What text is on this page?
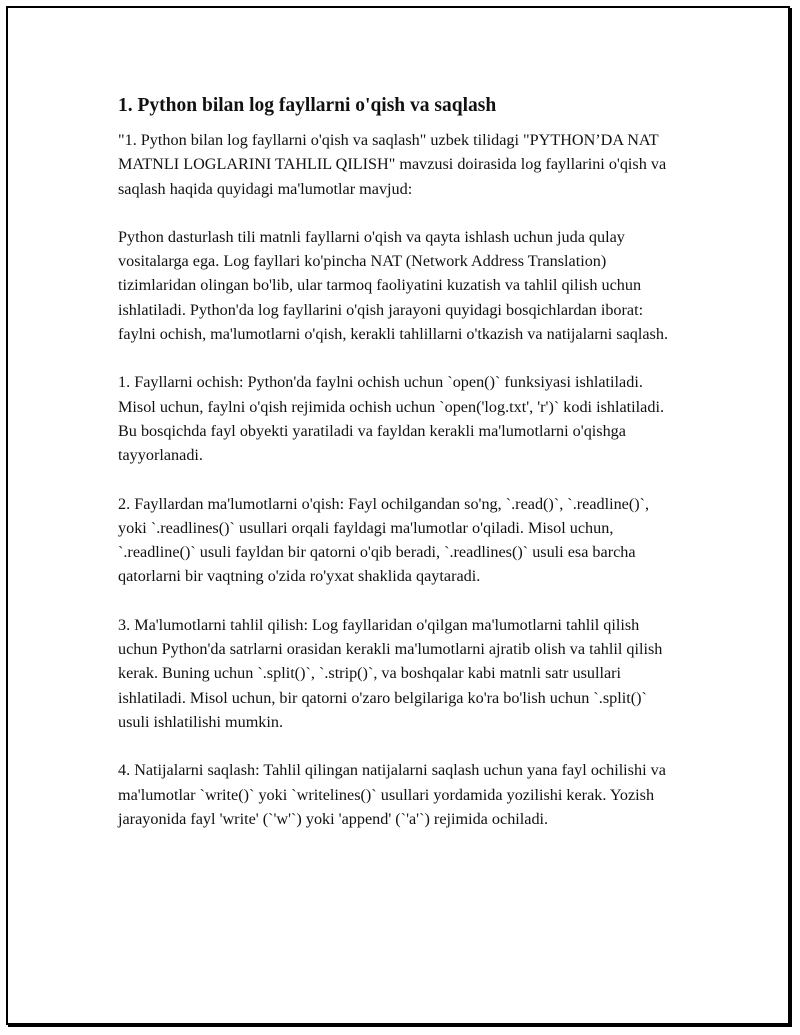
1. Python bilan log fayllarni o'qish va saqlash

"1. Python bilan log fayllarni o'qish va saqlash" uzbek tilidagi "PYTHON’DA NAT MATNLI LOGLARINI TAHLIL QILISH" mavzusi doirasida log fayllarini o'qish va saqlash haqida quyidagi ma'lumotlar mavjud:

Python dasturlash tili matnli fayllarni o'qish va qayta ishlash uchun juda qulay vositalarga ega. Log fayllari ko'pincha NAT (Network Address Translation) tizimlaridan olingan bo'lib, ular tarmoq faoliyatini kuzatish va tahlil qilish uchun ishlatiladi. Python'da log fayllarini o'qish jarayoni quyidagi bosqichlardan iborat: faylni ochish, ma'lumotlarni o'qish, kerakli tahlillarni o'tkazish va natijalarni saqlash.

1. Fayllarni ochish: Python'da faylni ochish uchun `open()` funksiyasi ishlatiladi. Misol uchun, faylni o'qish rejimida ochish uchun `open('log.txt', 'r')` kodi ishlatiladi. Bu bosqichda fayl obyekti yaratiladi va fayldan kerakli ma'lumotlarni o'qishga tayyorlanadi.

2. Fayllardan ma'lumotlarni o'qish: Fayl ochilgandan so'ng, `.read()`, `.readline()`, yoki `.readlines()` usullari orqali fayldagi ma'lumotlar o'qiladi. Misol uchun, `.readline()` usuli fayldan bir qatorni o'qib beradi, `.readlines()` usuli esa barcha qatorlarni bir vaqtning o'zida ro'yxat shaklida qaytaradi.

3. Ma'lumotlarni tahlil qilish: Log fayllaridan o'qilgan ma'lumotlarni tahlil qilish uchun Python'da satrlarni orasidan kerakli ma'lumotlarni ajratib olish va tahlil qilish kerak. Buning uchun `.split()`, `.strip()`, va boshqalar kabi matnli satr usullari ishlatiladi. Misol uchun, bir qatorni o'zaro belgilariga ko'ra bo'lish uchun `.split()` usuli ishlatilishi mumkin.

4. Natijalarni saqlash: Tahlil qilingan natijalarni saqlash uchun yana fayl ochilishi va ma'lumotlar `write()` yoki `writelines()` usullari yordamida yozilishi kerak. Yozish jarayonida fayl 'write' (`'w'`) yoki 'append' (`'a'`) rejimida ochiladi.
